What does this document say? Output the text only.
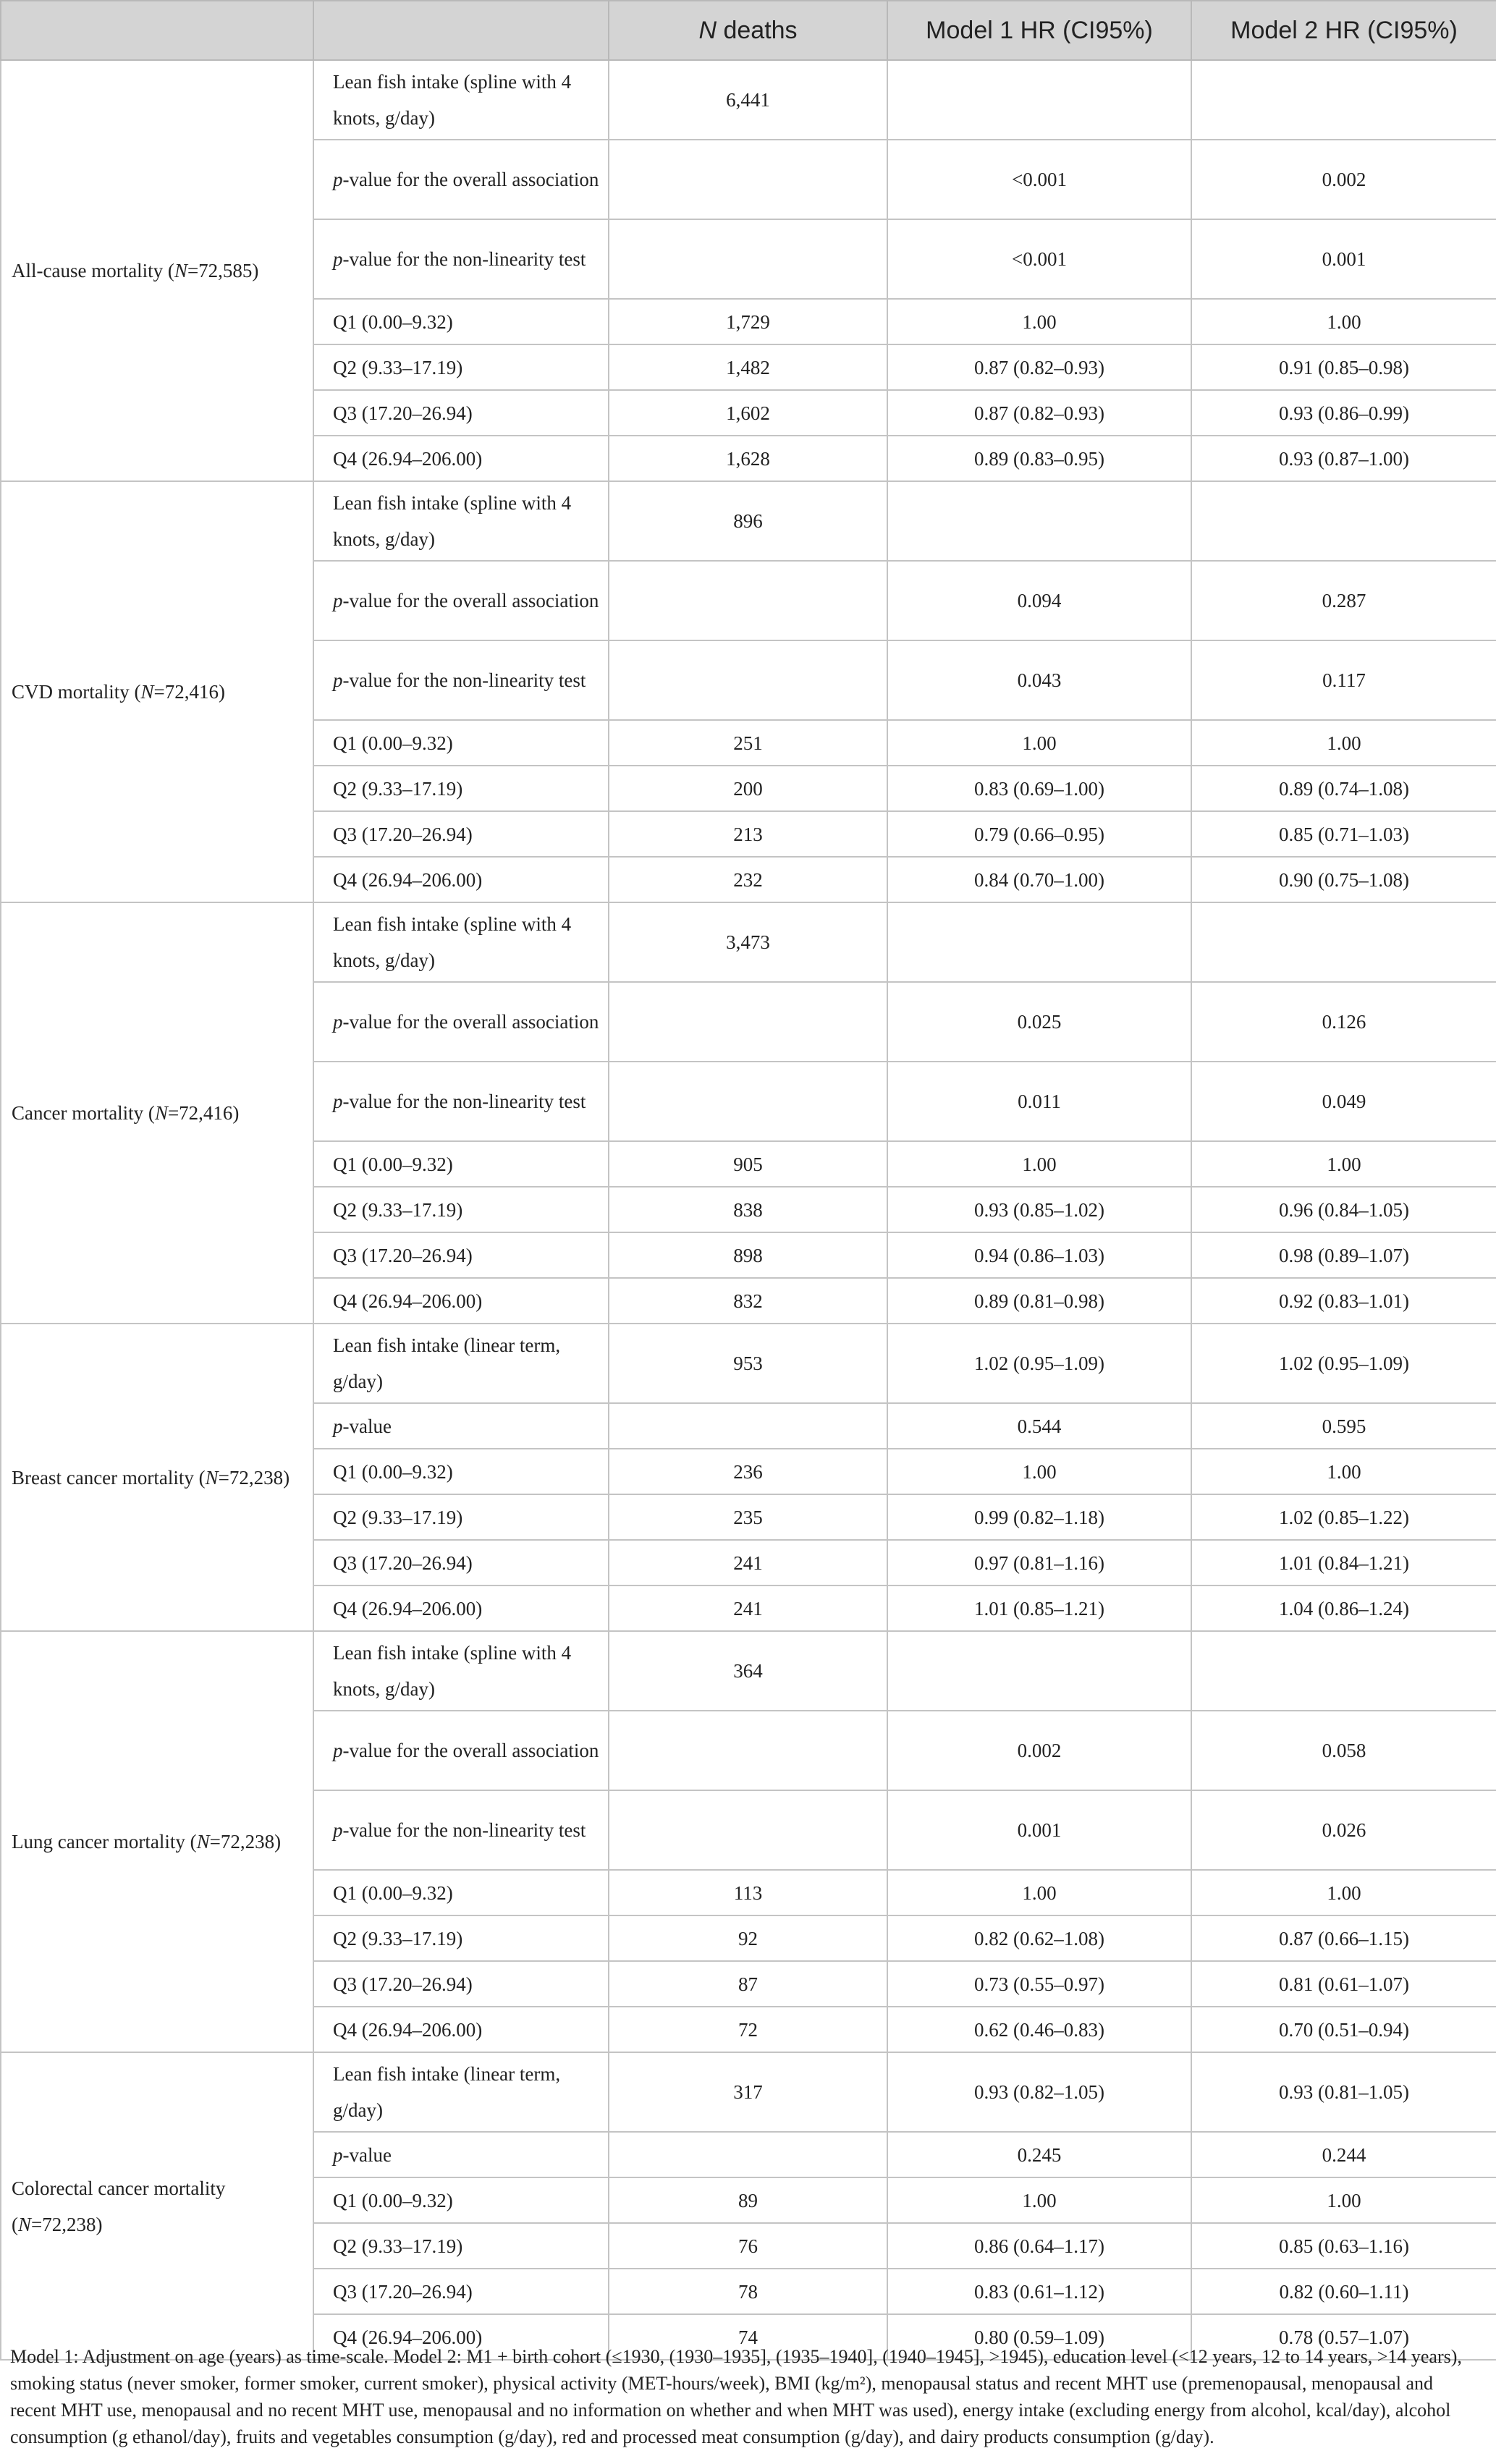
		N deaths	Model 1 HR (CI95%)	Model 2 HR (CI95%)
All-cause mortality (N=72,585)	Lean fish intake (spline with 4 knots, g/day)	6,441		
	p-value for the overall association		<0.001	0.002
	p-value for the non-linearity test		<0.001	0.001
	Q1 (0.00–9.32)	1,729	1.00	1.00
	Q2 (9.33–17.19)	1,482	0.87 (0.82–0.93)	0.91 (0.85–0.98)
	Q3 (17.20–26.94)	1,602	0.87 (0.82–0.93)	0.93 (0.86–0.99)
	Q4 (26.94–206.00)	1,628	0.89 (0.83–0.95)	0.93 (0.87–1.00)
CVD mortality (N=72,416)	Lean fish intake (spline with 4 knots, g/day)	896		
	p-value for the overall association		0.094	0.287
	p-value for the non-linearity test		0.043	0.117
	Q1 (0.00–9.32)	251	1.00	1.00
	Q2 (9.33–17.19)	200	0.83 (0.69–1.00)	0.89 (0.74–1.08)
	Q3 (17.20–26.94)	213	0.79 (0.66–0.95)	0.85 (0.71–1.03)
	Q4 (26.94–206.00)	232	0.84 (0.70–1.00)	0.90 (0.75–1.08)
Cancer mortality (N=72,416)	Lean fish intake (spline with 4 knots, g/day)	3,473		
	p-value for the overall association		0.025	0.126
	p-value for the non-linearity test		0.011	0.049
	Q1 (0.00–9.32)	905	1.00	1.00
	Q2 (9.33–17.19)	838	0.93 (0.85–1.02)	0.96 (0.84–1.05)
	Q3 (17.20–26.94)	898	0.94 (0.86–1.03)	0.98 (0.89–1.07)
	Q4 (26.94–206.00)	832	0.89 (0.81–0.98)	0.92 (0.83–1.01)
Breast cancer mortality (N=72,238)	Lean fish intake (linear term, g/day)	953	1.02 (0.95–1.09)	1.02 (0.95–1.09)
	p-value		0.544	0.595
	Q1 (0.00–9.32)	236	1.00	1.00
	Q2 (9.33–17.19)	235	0.99 (0.82–1.18)	1.02 (0.85–1.22)
	Q3 (17.20–26.94)	241	0.97 (0.81–1.16)	1.01 (0.84–1.21)
	Q4 (26.94–206.00)	241	1.01 (0.85–1.21)	1.04 (0.86–1.24)
Lung cancer mortality (N=72,238)	Lean fish intake (spline with 4 knots, g/day)	364		
	p-value for the overall association		0.002	0.058
	p-value for the non-linearity test		0.001	0.026
	Q1 (0.00–9.32)	113	1.00	1.00
	Q2 (9.33–17.19)	92	0.82 (0.62–1.08)	0.87 (0.66–1.15)
	Q3 (17.20–26.94)	87	0.73 (0.55–0.97)	0.81 (0.61–1.07)
	Q4 (26.94–206.00)	72	0.62 (0.46–0.83)	0.70 (0.51–0.94)
Colorectal cancer mortality (N=72,238)	Lean fish intake (linear term, g/day)	317	0.93 (0.82–1.05)	0.93 (0.81–1.05)
	p-value		0.245	0.244
	Q1 (0.00–9.32)	89	1.00	1.00
	Q2 (9.33–17.19)	76	0.86 (0.64–1.17)	0.85 (0.63–1.16)
	Q3 (17.20–26.94)	78	0.83 (0.61–1.12)	0.82 (0.60–1.11)
	Q4 (26.94–206.00)	74	0.80 (0.59–1.09)	0.78 (0.57–1.07)
Model 1: Adjustment on age (years) as time-scale. Model 2: M1 + birth cohort (≤1930, (1930–1935], (1935–1940], (1940–1945], >1945), education level (<12 years, 12 to 14 years, >14 years), smoking status (never smoker, former smoker, current smoker), physical activity (MET-hours/week), BMI (kg/m²), menopausal status and recent MHT use (premenopausal, menopausal and recent MHT use, menopausal and no recent MHT use, menopausal and no information on whether and when MHT was used), energy intake (excluding energy from alcohol, kcal/day), alcohol consumption (g ethanol/day), fruits and vegetables consumption (g/day), red and processed meat consumption (g/day), and dairy products consumption (g/day).
